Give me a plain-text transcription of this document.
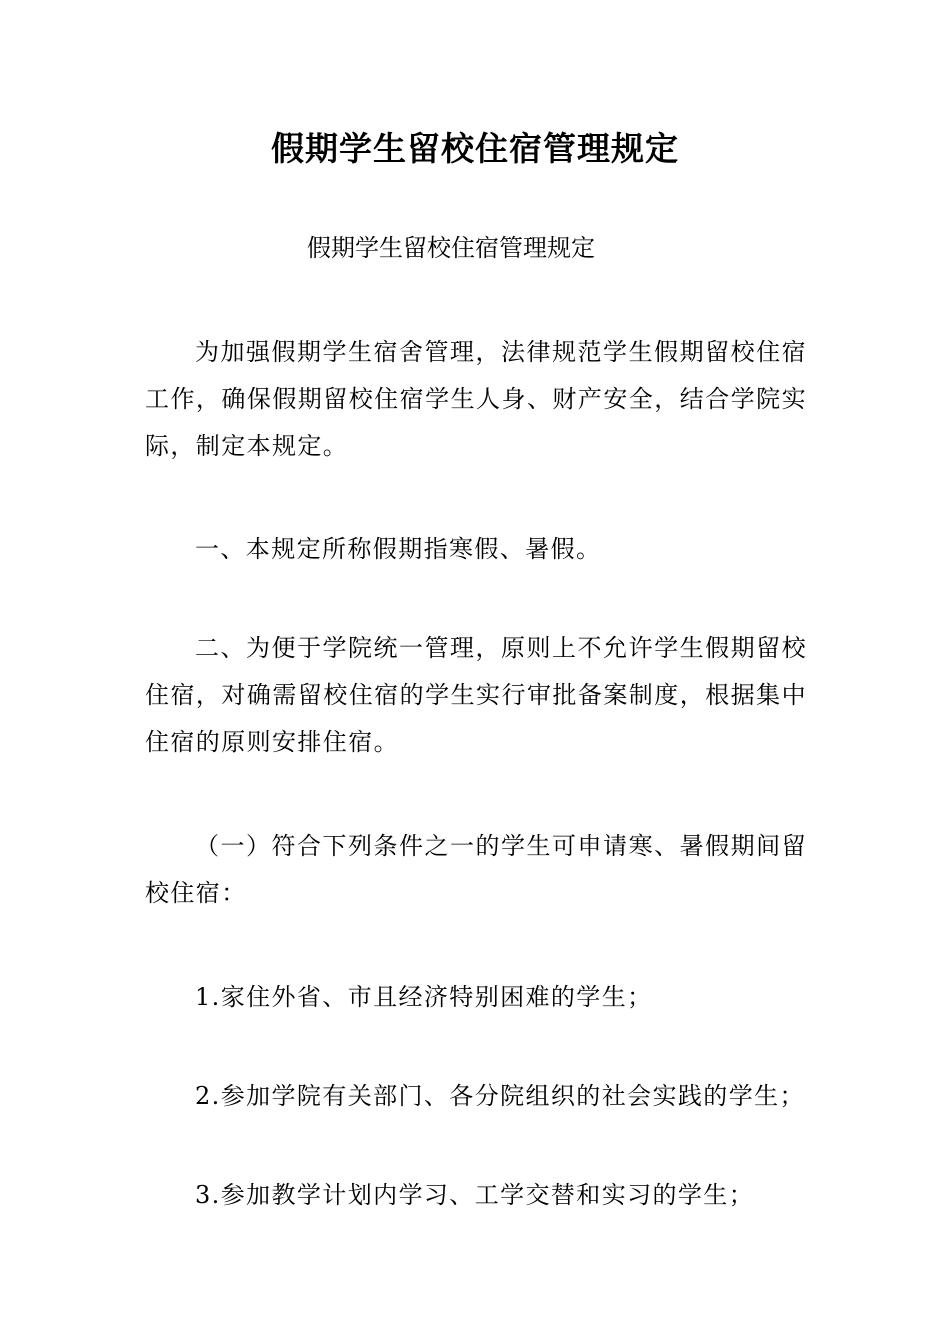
假期学生留校住宿管理规定
假期学生留校住宿管理规定

为加强假期学生宿舍管理，法律规范学生假期留校住宿工作，确保假期留校住宿学生人身、财产安全，结合学院实际，制定本规定。

一、本规定所称假期指寒假、暑假。

二、为便于学院统一管理，原则上不允许学生假期留校住宿，对确需留校住宿的学生实行审批备案制度，根据集中住宿的原则安排住宿。

（一）符合下列条件之一的学生可申请寒、暑假期间留校住宿：

1.家住外省、市且经济特别困难的学生；

2.参加学院有关部门、各分院组织的社会实践的学生；

3.参加教学计划内学习、工学交替和实习的学生；
